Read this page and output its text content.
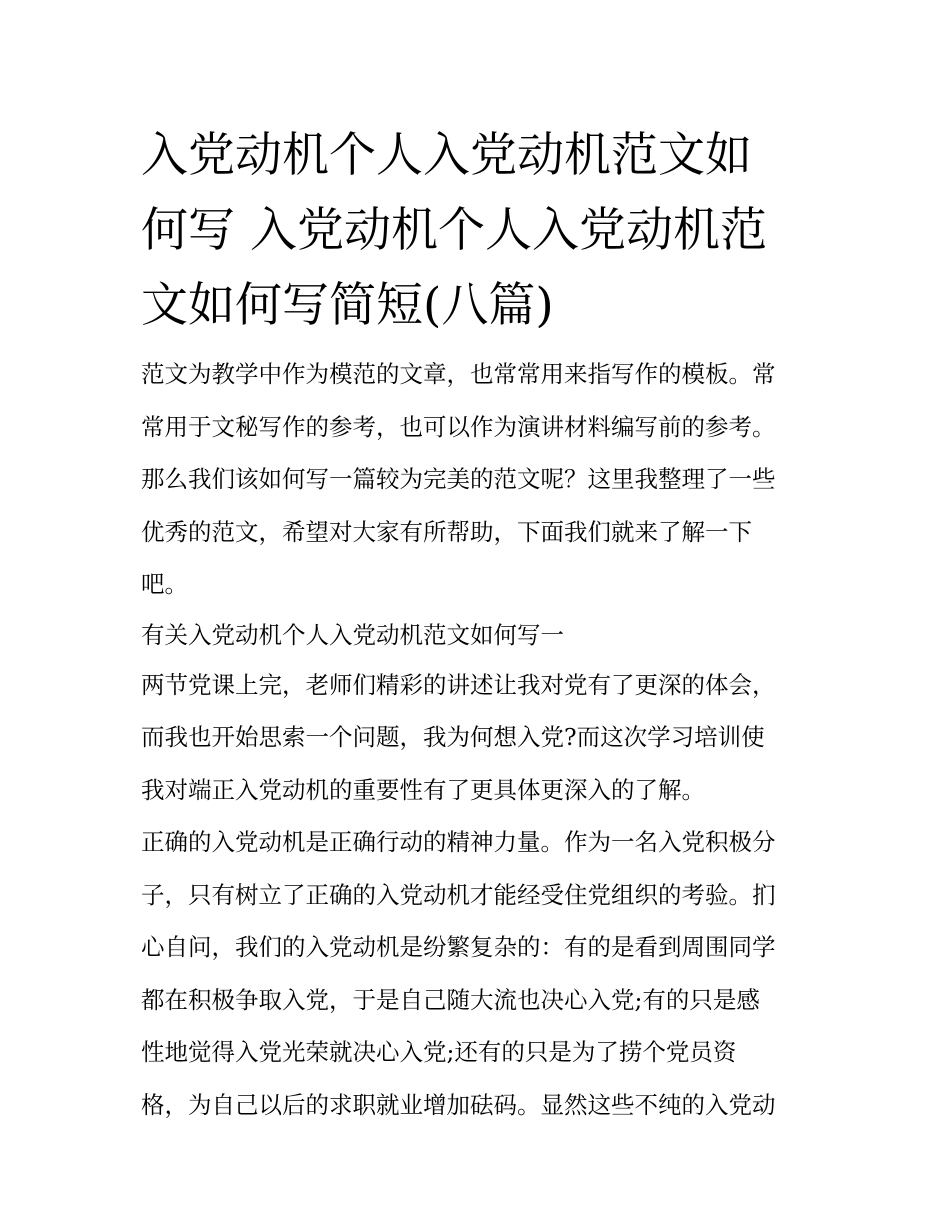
入党动机个人入党动机范文如
何写 入党动机个人入党动机范
文如何写简短(八篇)
范文为教学中作为模范的文章，也常常用来指写作的模板。常
常用于文秘写作的参考，也可以作为演讲材料编写前的参考。
那么我们该如何写一篇较为完美的范文呢？这里我整理了一些
优秀的范文，希望对大家有所帮助，下面我们就来了解一下
吧。
有关入党动机个人入党动机范文如何写一
两节党课上完，老师们精彩的讲述让我对党有了更深的体会，
而我也开始思索一个问题，我为何想入党?而这次学习培训使
我对端正入党动机的重要性有了更具体更深入的了解。
正确的入党动机是正确行动的精神力量。作为一名入党积极分
子，只有树立了正确的入党动机才能经受住党组织的考验。扪
心自问，我们的入党动机是纷繁复杂的：有的是看到周围同学
都在积极争取入党，于是自己随大流也决心入党;有的只是感
性地觉得入党光荣就决心入党;还有的只是为了捞个党员资
格，为自己以后的求职就业增加砝码。显然这些不纯的入党动
